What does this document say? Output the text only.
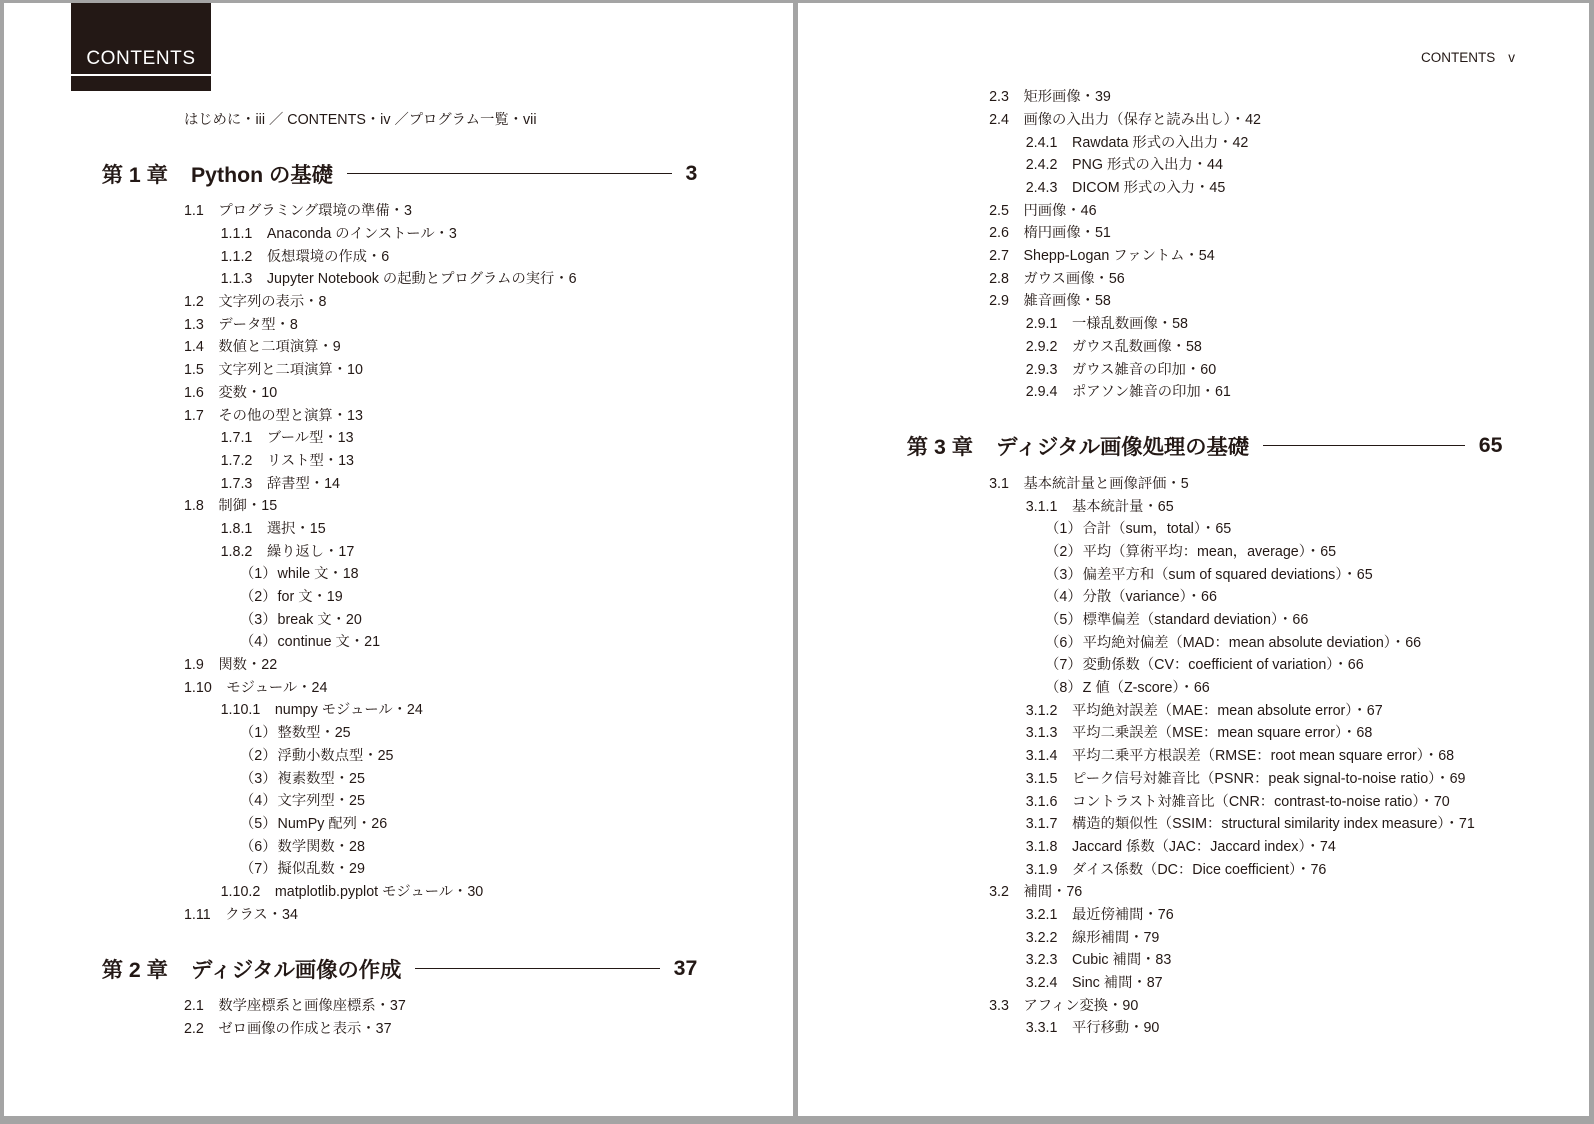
CONTENTS
はじめに・iii ／ CONTENTS・iv ／プログラム一覧・vii
第 1 章 Python の基礎	3
1.1 プログラミング環境の準備・3
1.1.1 Anaconda のインストール・3
1.1.2 仮想環境の作成・6
1.1.3 Jupyter Notebook の起動とプログラムの実行・6
1.2 文字列の表示・8
1.3 データ型・8
1.4 数値と二項演算・9
1.5 文字列と二項演算・10
1.6 変数・10
1.7 その他の型と演算・13
1.7.1 ブール型・13
1.7.2 リスト型・13
1.7.3 辞書型・14
1.8 制御・15
1.8.1 選択・15
1.8.2 繰り返し・17
（1）while 文・18
（2）for 文・19
（3）break 文・20
（4）continue 文・21
1.9 関数・22
1.10 モジュール・24
1.10.1 numpy モジュール・24
（1）整数型・25
（2）浮動小数点型・25
（3）複素数型・25
（4）文字列型・25
（5）NumPy 配列・26
（6）数学関数・28
（7）擬似乱数・29
1.10.2 matplotlib.pyplot モジュール・30
1.11 クラス・34
第 2 章 ディジタル画像の作成	37
2.1 数学座標系と画像座標系・37
2.2 ゼロ画像の作成と表示・37
CONTENTS v
2.3 矩形画像・39
2.4 画像の入出力（保存と読み出し）・42
2.4.1 Rawdata 形式の入出力・42
2.4.2 PNG 形式の入出力・44
2.4.3 DICOM 形式の入力・45
2.5 円画像・46
2.6 楕円画像・51
2.7 Shepp-Logan ファントム・54
2.8 ガウス画像・56
2.9 雑音画像・58
2.9.1 一様乱数画像・58
2.9.2 ガウス乱数画像・58
2.9.3 ガウス雑音の印加・60
2.9.4 ポアソン雑音の印加・61
第 3 章 ディジタル画像処理の基礎	65
3.1 基本統計量と画像評価・5
3.1.1 基本統計量・65
（1）合計（sum，total）・65
（2）平均（算術平均：mean，average）・65
（3）偏差平方和（sum of squared deviations）・65
（4）分散（variance）・66
（5）標準偏差（standard deviation）・66
（6）平均絶対偏差（MAD：mean absolute deviation）・66
（7）変動係数（CV：coefficient of variation）・66
（8）Z 値（Z-score）・66
3.1.2 平均絶対誤差（MAE：mean absolute error）・67
3.1.3 平均二乗誤差（MSE：mean square error）・68
3.1.4 平均二乗平方根誤差（RMSE：root mean square error）・68
3.1.5 ピーク信号対雑音比（PSNR：peak signal-to-noise ratio）・69
3.1.6 コントラスト対雑音比（CNR：contrast-to-noise ratio）・70
3.1.7 構造的類似性（SSIM：structural similarity index measure）・71
3.1.8 Jaccard 係数（JAC：Jaccard index）・74
3.1.9 ダイス係数（DC：Dice coefficient）・76
3.2 補間・76
3.2.1 最近傍補間・76
3.2.2 線形補間・79
3.2.3 Cubic 補間・83
3.2.4 Sinc 補間・87
3.3 アフィン変換・90
3.3.1 平行移動・90
